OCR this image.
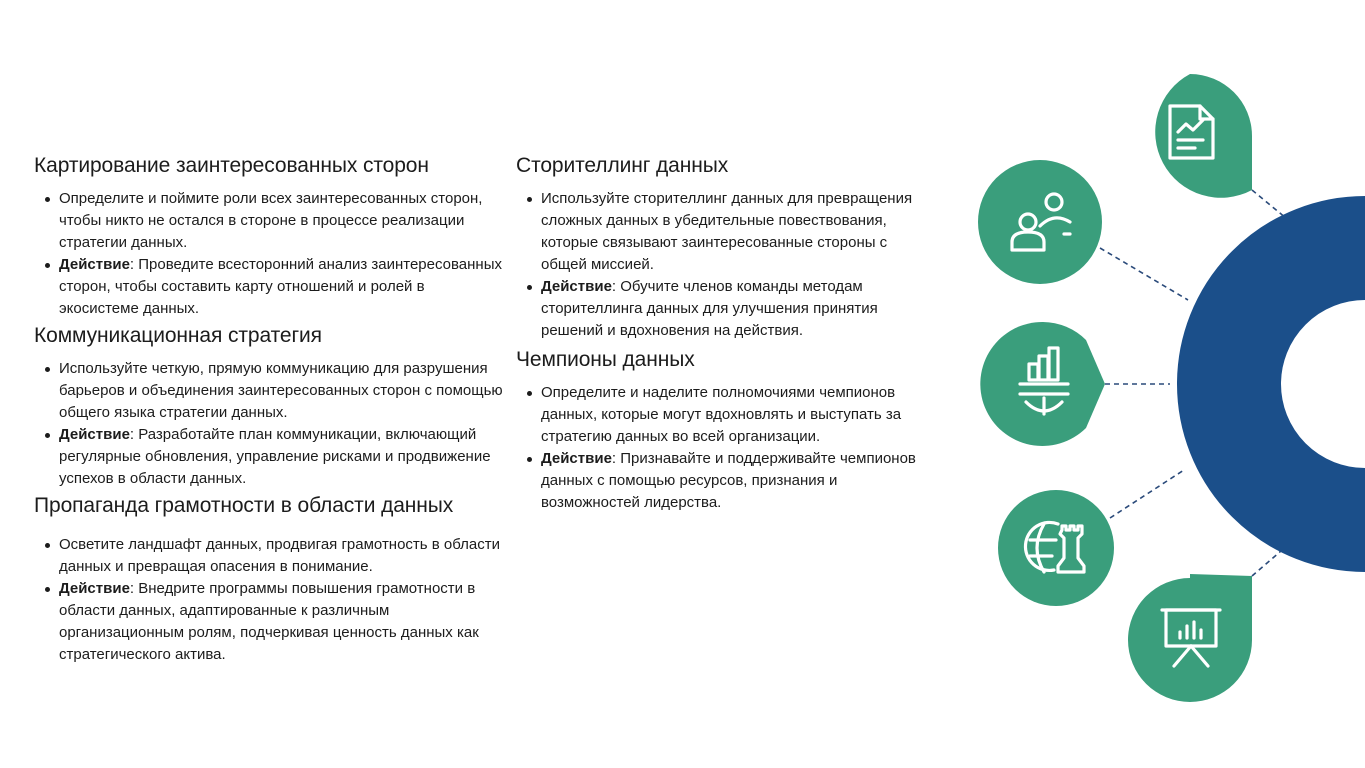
Картирование заинтересованных сторон
Определите и поймите роли всех заинтересованных сторон, чтобы никто не остался в стороне в процессе реализации стратегии данных.
Действие: Проведите всесторонний анализ заинтересованных сторон, чтобы составить карту отношений и ролей в экосистеме данных.
Коммуникационная стратегия
Используйте четкую, прямую коммуникацию для разрушения барьеров и объединения заинтересованных сторон с помощью общего языка стратегии данных.
Действие: Разработайте план коммуникации, включающий регулярные обновления, управление рисками и продвижение успехов в области данных.
Пропаганда грамотности в области данных
Осветите ландшафт данных, продвигая грамотность в области данных и превращая опасения в понимание.
Действие: Внедрите программы повышения грамотности в области данных, адаптированные к различным организационным ролям, подчеркивая ценность данных как стратегического актива.
Сторителлинг данных
Используйте сторителлинг данных для превращения сложных данных в убедительные повествования, которые связывают заинтересованные стороны с общей миссией.
Действие: Обучите членов команды методам сторителлинга данных для улучшения принятия решений и вдохновения на действия.
Чемпионы данных
Определите и наделите полномочиями чемпионов данных, которые могут вдохновлять и выступать за стратегию данных во всей организации.
Действие: Признавайте и поддерживайте чемпионов данных с помощью ресурсов, признания и возможностей лидерства.
